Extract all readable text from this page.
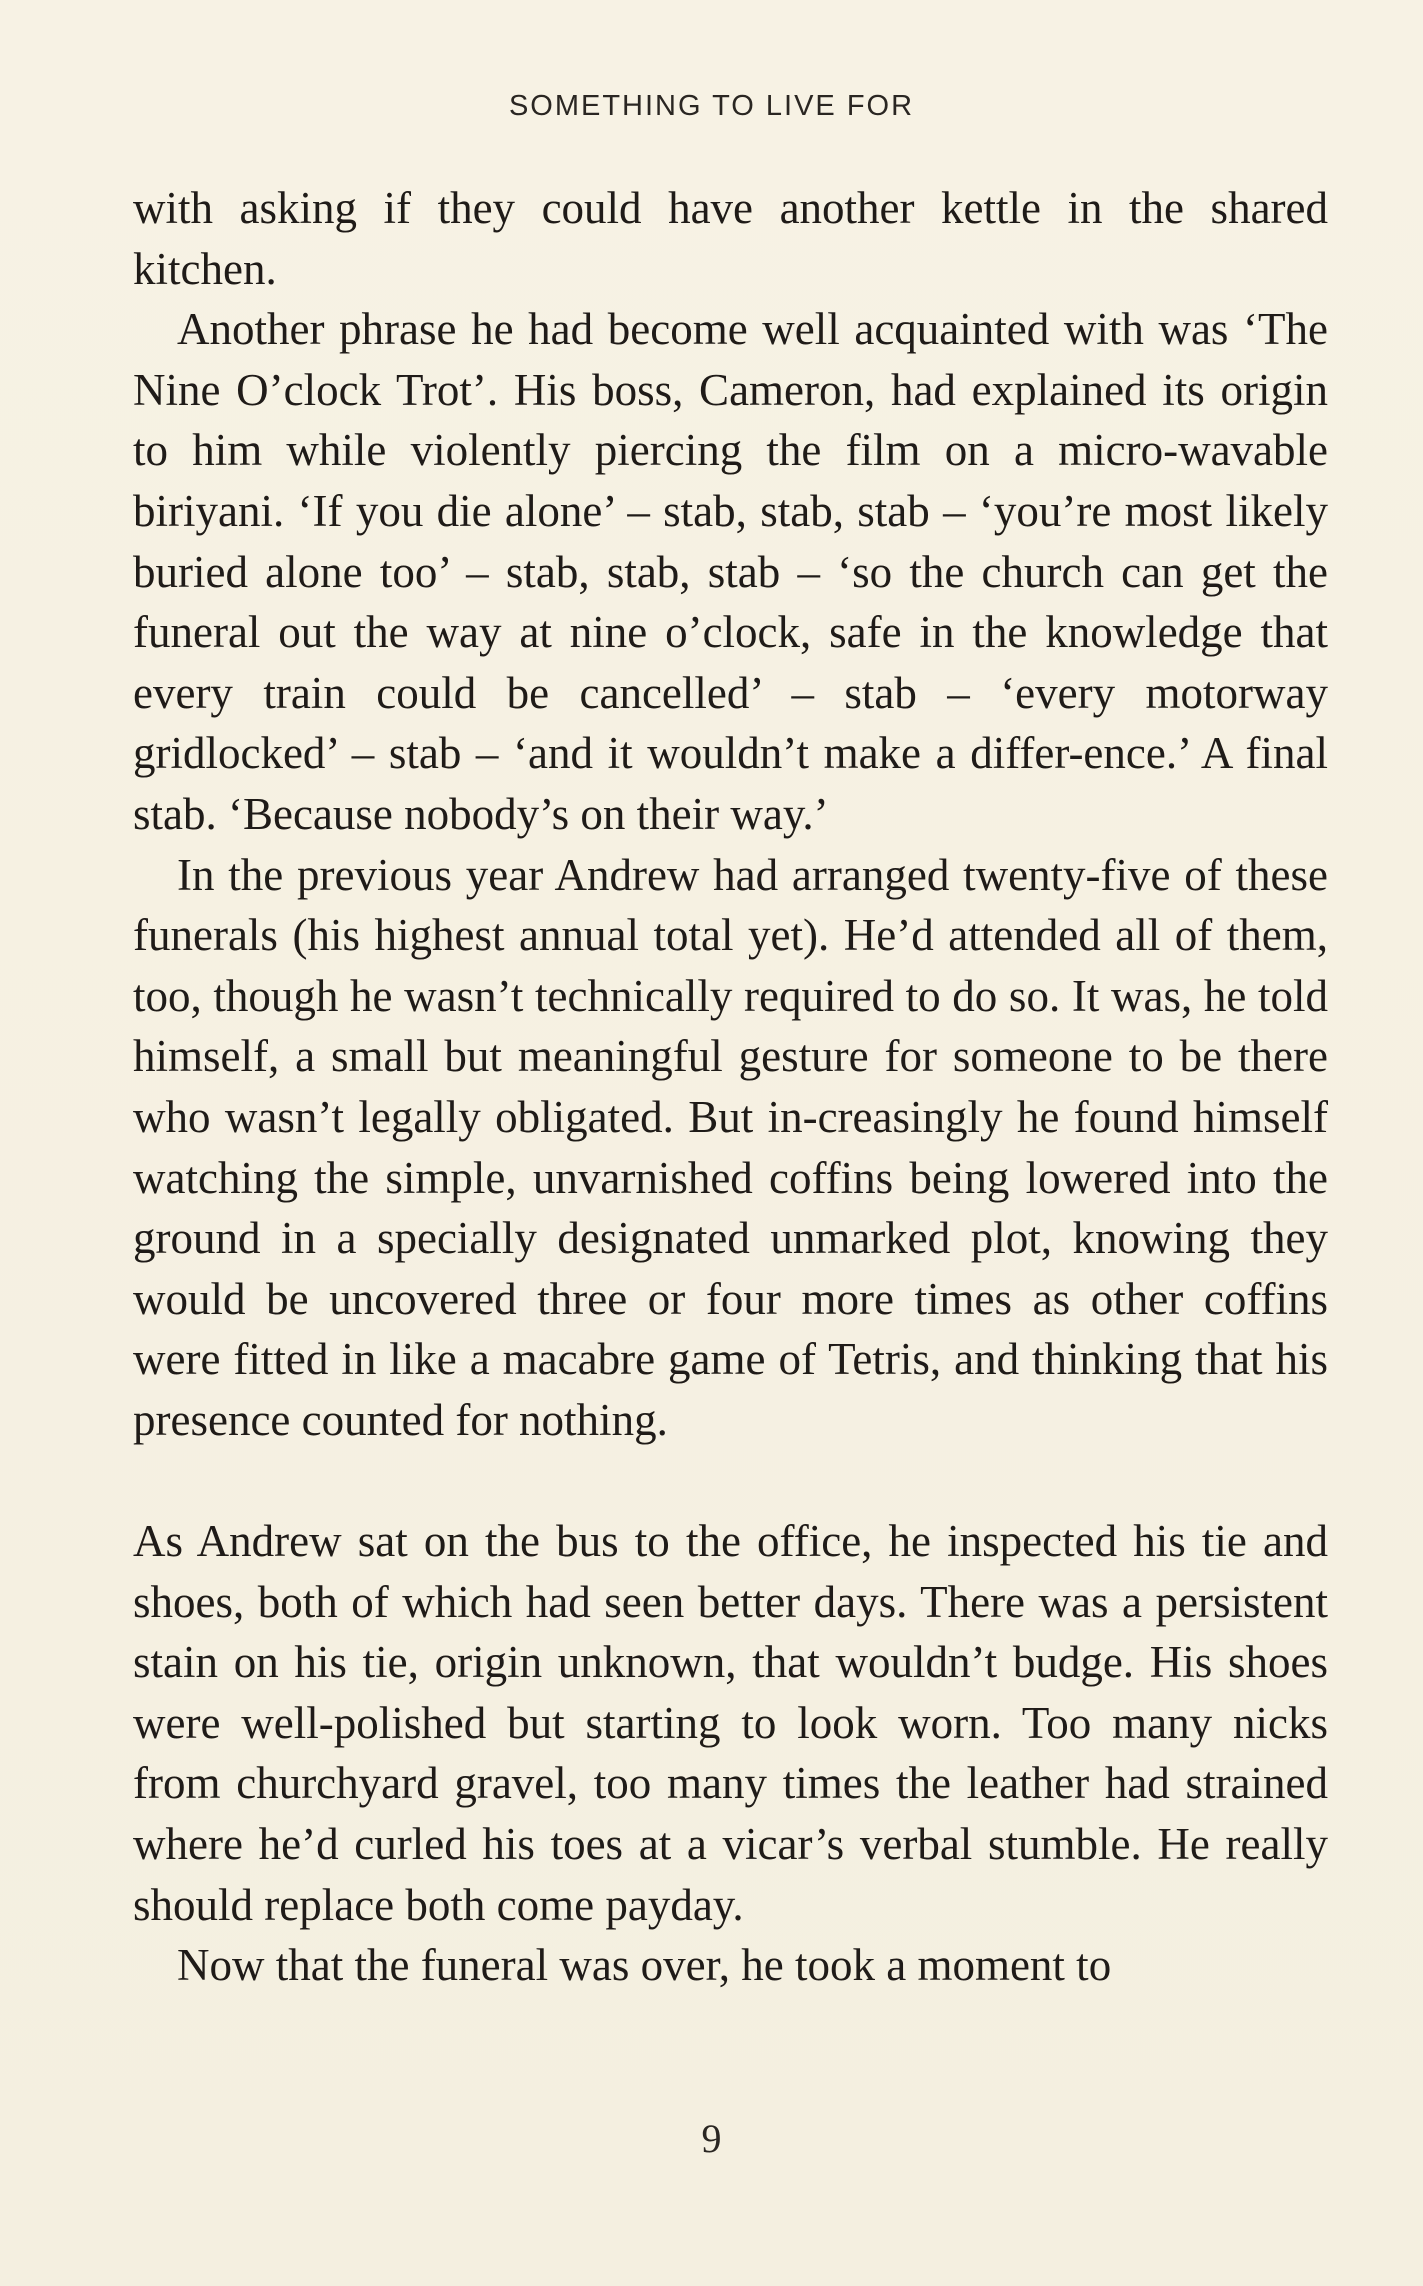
SOMETHING TO LIVE FOR

with asking if they could have another kettle in the shared kitchen.

Another phrase he had become well acquainted with was ‘The Nine O’clock Trot’. His boss, Cameron, had explained its origin to him while violently piercing the film on a micro-wavable biriyani. ‘If you die alone’ – stab, stab, stab – ‘you’re most likely buried alone too’ – stab, stab, stab – ‘so the church can get the funeral out the way at nine o’clock, safe in the knowledge that every train could be cancelled’ – stab – ‘every motorway gridlocked’ – stab – ‘and it wouldn’t make a differ-ence.’ A final stab. ‘Because nobody’s on their way.’

In the previous year Andrew had arranged twenty-five of these funerals (his highest annual total yet). He’d attended all of them, too, though he wasn’t technically required to do so. It was, he told himself, a small but meaningful gesture for someone to be there who wasn’t legally obligated. But in-creasingly he found himself watching the simple, unvarnished coffins being lowered into the ground in a specially designated unmarked plot, knowing they would be uncovered three or four more times as other coffins were fitted in like a macabre game of Tetris, and thinking that his presence counted for nothing.

As Andrew sat on the bus to the office, he inspected his tie and shoes, both of which had seen better days. There was a persistent stain on his tie, origin unknown, that wouldn’t budge. His shoes were well-polished but starting to look worn. Too many nicks from churchyard gravel, too many times the leather had strained where he’d curled his toes at a vicar’s verbal stumble. He really should replace both come payday.

Now that the funeral was over, he took a moment to

9
